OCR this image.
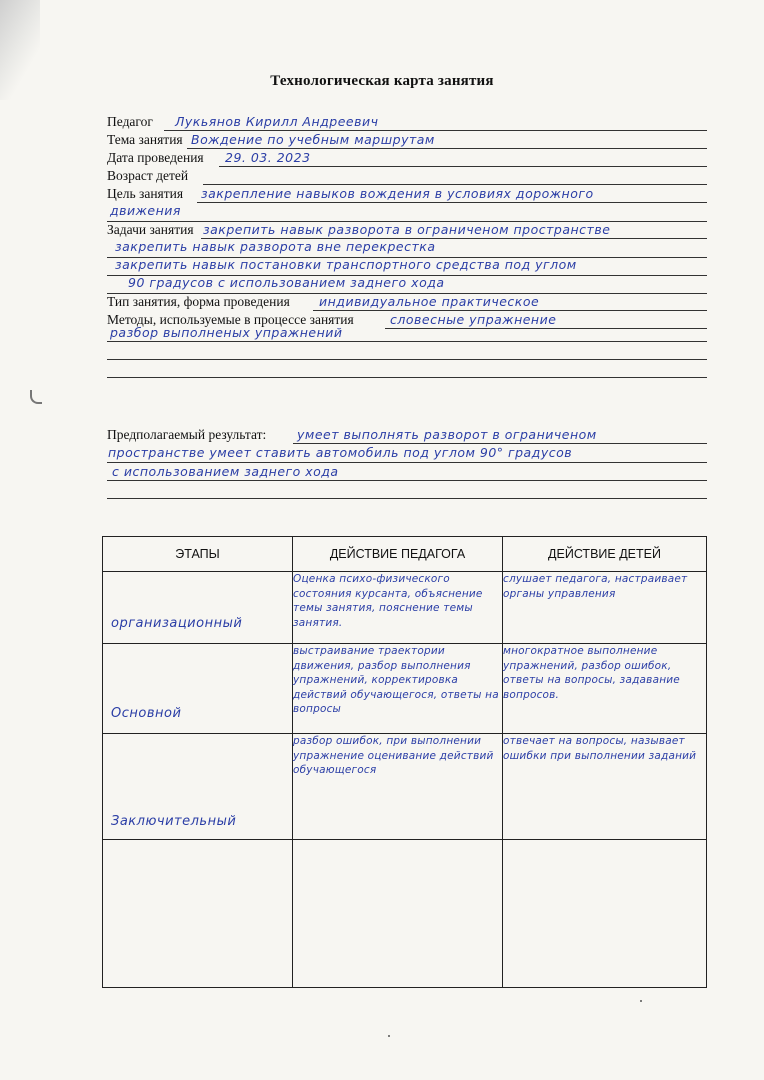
Технологическая карта занятия
Педагог Лукьянов Кирилл Андреевич
Тема занятия Вождение по учебным маршрутам
Дата проведения 29. 03. 2023
Возраст детей
Цель занятия закрепление навыков вождения в условиях дорожного
движения
Задачи занятия закрепить навык разворота в ограниченом пространстве
закрепить навык разворота вне перекрестка
закрепить навык постановки транспортного средства под углом
90 градусов с использованием заднего хода
Тип занятия, форма проведения индивидуальное практическое
Методы, используемые в процессе занятия	словесные упражнение
разбор выполненых упражнений
Предполагаемый результат: умеет выполнять разворот в ограниченом
пространстве умеет ставить автомобиль под углом 90° градусов
с использованием заднего хода
ЭТАПЫ	ДЕЙСТВИЕ ПЕДАГОГА	ДЕЙСТВИЕ ДЕТЕЙ

организационный	Оценка психо-физического состояния курсанта, объяснение темы занятия, пояснение темы занятия.	слушает педагога, настраивает органы управления

Основной	выстраивание траектории движения, разбор выполнения упражнений, корректировка действий обучающегося, ответы на вопросы	многократное выполнение упражнений, разбор ошибок, ответы на вопросы, задавание вопросов.

Заключительный	разбор ошибок, при выполнении упражнение оценивание действий обучающегося	отвечает на вопросы, называет ошибки при выполнении заданий
